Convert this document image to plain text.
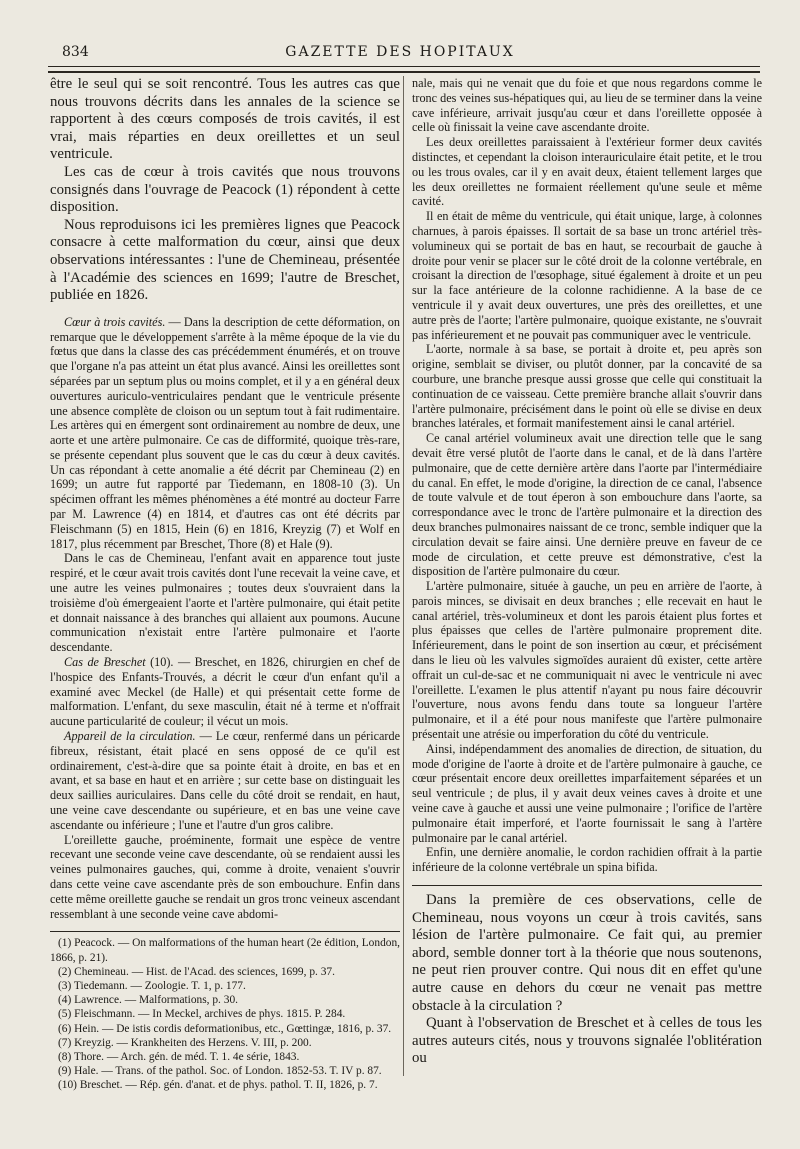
834	GAZETTE DES HOPITAUX

être le seul qui se soit rencontré. Tous les autres cas que nous trouvons décrits dans les annales de la science se rapportent à des cœurs composés de trois cavités, il est vrai, mais réparties en deux oreillettes et un seul ventricule.

Les cas de cœur à trois cavités que nous trouvons consignés dans l'ouvrage de Peacock (1) répondent à cette disposition.

Nous reproduisons ici les premières lignes que Peacock consacre à cette malformation du cœur, ainsi que deux observations intéressantes : l'une de Chemineau, présentée à l'Académie des sciences en 1699; l'autre de Breschet, publiée en 1826.

Cœur à trois cavités. — Dans la description de cette déformation, on remarque que le développement s'arrête à la même époque de la vie du fœtus que dans la classe des cas précédemment énumérés, et on trouve que l'organe n'a pas atteint un état plus avancé. Ainsi les oreillettes sont séparées par un septum plus ou moins complet, et il y a en général deux ouvertures auriculo-ventriculaires pendant que le ventricule présente une absence complète de cloison ou un septum tout à fait rudimentaire. Les artères qui en émergent sont ordinairement au nombre de deux, une aorte et une artère pulmonaire. Ce cas de difformité, quoique très-rare, se présente cependant plus souvent que le cas du cœur à deux cavités. Un cas répondant à cette anomalie a été décrit par Chemineau (2) en 1699; un autre fut rapporté par Tiedemann, en 1808-10 (3). Un spécimen offrant les mêmes phénomènes a été montré au docteur Farre par M. Lawrence (4) en 1814, et d'autres cas ont été décrits par Fleischmann (5) en 1815, Hein (6) en 1816, Kreyzig (7) et Wolf en 1817, plus récemment par Breschet, Thore (8) et Hale (9).

Dans le cas de Chemineau, l'enfant avait en apparence tout juste respiré, et le cœur avait trois cavités dont l'une recevait la veine cave, et une autre les veines pulmonaires ; toutes deux s'ouvraient dans la troisième d'où émergeaient l'aorte et l'artère pulmonaire, qui était petite et donnait naissance à des branches qui allaient aux poumons. Aucune communication n'existait entre l'artère pulmonaire et l'aorte descendante.

Cas de Breschet (10). — Breschet, en 1826, chirurgien en chef de l'hospice des Enfants-Trouvés, a décrit le cœur d'un enfant qu'il a examiné avec Meckel (de Halle) et qui présentait cette forme de malformation. L'enfant, du sexe masculin, était né à terme et n'offrait aucune particularité de couleur; il vécut un mois.

Appareil de la circulation. — Le cœur, renfermé dans un péricarde fibreux, résistant, était placé en sens opposé de ce qu'il est ordinairement, c'est-à-dire que sa pointe était à droite, en bas et en avant, et sa base en haut et en arrière ; sur cette base on distinguait les deux saillies auriculaires. Dans celle du côté droit se rendait, en haut, une veine cave descendante ou supérieure, et en bas une veine cave ascendante ou inférieure ; l'une et l'autre d'un gros calibre.

L'oreillette gauche, proéminente, formait une espèce de ventre recevant une seconde veine cave descendante, où se rendaient aussi les veines pulmonaires gauches, qui, comme à droite, venaient s'ouvrir dans cette veine cave ascendante près de son embouchure. Enfin dans cette même oreillette gauche se rendait un gros tronc veineux ascendant ressemblant à une seconde veine cave abdomi-

(1) Peacock. — On malformations of the human heart (2e édition, London, 1866, p. 21).
(2) Chemineau. — Hist. de l'Acad. des sciences, 1699, p. 37.
(3) Tiedemann. — Zoologie. T. 1, p. 177.
(4) Lawrence. — Malformations, p. 30.
(5) Fleischmann. — In Meckel, archives de phys. 1815. P. 284.
(6) Hein. — De istis cordis deformationibus, etc., Gœttingæ, 1816, p. 37.
(7) Kreyzig. — Krankheiten des Herzens. V. III, p. 200.
(8) Thore. — Arch. gén. de méd. T. 1. 4e série, 1843.
(9) Hale. — Trans. of the pathol. Soc. of London. 1852-53. T. IV p. 87.
(10) Breschet. — Rép. gén. d'anat. et de phys. pathol. T. II, 1826, p. 7.

nale, mais qui ne venait que du foie et que nous regardons comme le tronc des veines sus-hépatiques qui, au lieu de se terminer dans la veine cave inférieure, arrivait jusqu'au cœur et dans l'oreillette opposée à celle où finissait la veine cave ascendante droite.

Les deux oreillettes paraissaient à l'extérieur former deux cavités distinctes, et cependant la cloison interauriculaire était petite, et le trou ou les trous ovales, car il y en avait deux, étaient tellement larges que les deux oreillettes ne formaient réellement qu'une seule et même cavité.

Il en était de même du ventricule, qui était unique, large, à colonnes charnues, à parois épaisses. Il sortait de sa base un tronc artériel très-volumineux qui se portait de bas en haut, se recourbait de gauche à droite pour venir se placer sur le côté droit de la colonne vertébrale, en croisant la direction de l'œsophage, situé également à droite et un peu sur la face antérieure de la colonne rachidienne. A la base de ce ventricule il y avait deux ouvertures, une près des oreillettes, et une autre près de l'aorte; l'artère pulmonaire, quoique existante, ne s'ouvrait pas inférieurement et ne pouvait pas communiquer avec le ventricule.

L'aorte, normale à sa base, se portait à droite et, peu après son origine, semblait se diviser, ou plutôt donner, par la concavité de sa courbure, une branche presque aussi grosse que celle qui constituait la continuation de ce vaisseau. Cette première branche allait s'ouvrir dans l'artère pulmonaire, précisément dans le point où elle se divise en deux branches latérales, et formait manifestement ainsi le canal artériel.

Ce canal artériel volumineux avait une direction telle que le sang devait être versé plutôt de l'aorte dans le canal, et de là dans l'artère pulmonaire, que de cette dernière artère dans l'aorte par l'intermédiaire du canal. En effet, le mode d'origine, la direction de ce canal, l'absence de toute valvule et de tout éperon à son embouchure dans l'aorte, sa correspondance avec le tronc de l'artère pulmonaire et la direction des deux branches pulmonaires naissant de ce tronc, semble indiquer que la circulation devait se faire ainsi. Une dernière preuve en faveur de ce mode de circulation, et cette preuve est démonstrative, c'est la disposition de l'artère pulmonaire du cœur.

L'artère pulmonaire, située à gauche, un peu en arrière de l'aorte, à parois minces, se divisait en deux branches ; elle recevait en haut le canal artériel, très-volumineux et dont les parois étaient plus fortes et plus épaisses que celles de l'artère pulmonaire proprement dite. Inférieurement, dans le point de son insertion au cœur, et précisément dans le lieu où les valvules sigmoïdes auraient dû exister, cette artère offrait un cul-de-sac et ne communiquait ni avec le ventricule ni avec l'oreillette. L'examen le plus attentif n'ayant pu nous faire découvrir l'ouverture, nous avons fendu dans toute sa longueur l'artère pulmonaire, et il a été pour nous manifeste que l'artère pulmonaire présentait une atrésie ou imperforation du côté du ventricule.

Ainsi, indépendamment des anomalies de direction, de situation, du mode d'origine de l'aorte à droite et de l'artère pulmonaire à gauche, ce cœur présentait encore deux oreillettes imparfaitement séparées et un seul ventricule ; de plus, il y avait deux veines caves à droite et une veine cave à gauche et aussi une veine pulmonaire ; l'orifice de l'artère pulmonaire était imperforé, et l'aorte fournissait le sang à l'artère pulmonaire par le canal artériel.

Enfin, une dernière anomalie, le cordon rachidien offrait à la partie inférieure de la colonne vertébrale un spina bifida.

Dans la première de ces observations, celle de Chemineau, nous voyons un cœur à trois cavités, sans lésion de l'artère pulmonaire. Ce fait qui, au premier abord, semble donner tort à la théorie que nous soutenons, ne peut rien prouver contre. Qui nous dit en effet qu'une autre cause en dehors du cœur ne venait pas mettre obstacle à la circulation ?

Quant à l'observation de Breschet et à celles de tous les autres auteurs cités, nous y trouvons signalée l'oblitération ou
